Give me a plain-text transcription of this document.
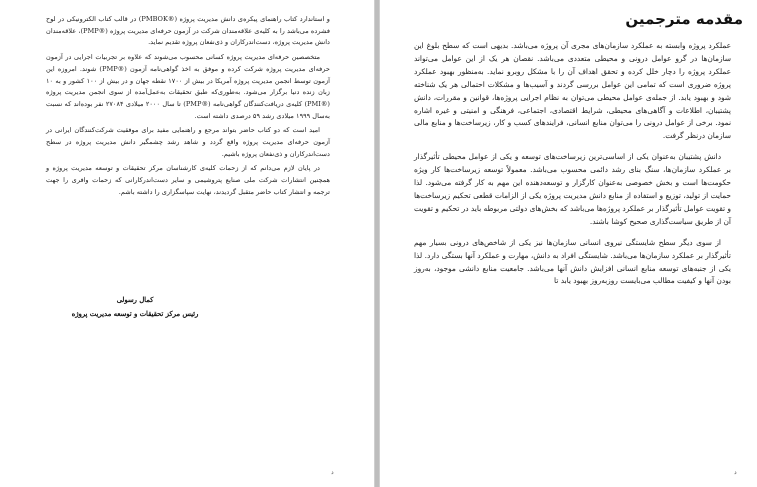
و استاندارد کتاب راهنمای پیکره‌ی دانش مدیریت پروژه (®PMBOK) در قالب کتاب الکترونیکی در لوح فشرده می‌باشد را به کلیه‌ی علاقه‌مندان شرکت در آزمون حرفه‌ای مدیریت پروژه (®PMP)، علاقه‌مندان دانش مدیریت پروژه، دست‌اندرکاران و ذی‌نفعان پروژه تقدیم نماید.

متخصصین حرفه‌ای مدیریت پروژه کسانی محسوب می‌شوند که علاوه بر تجربیات اجرایی در آزمون حرفه‌ای مدیریت پروژه شرکت کرده و موفق به اخذ گواهی‌نامه آزمون (®PMP) شوند. امروزه این آزمون توسط انجمن مدیریت پروژه آمریکا در بیش از ۱۷۰۰ نقطه جهان و در بیش از ۱۰۰ کشور و به ۱۰ زبان زنده دنیا برگزار می‌شود. به‌طوری‌که طبق تحقیقات به‌عمل‌آمده از سوی انجمن مدیریت پروژه (®PMI) کلیه‌ی دریافت‌کنندگان گواهی‌نامه (®PMP) تا سال ۲۰۰۰ میلادی ۲۷۰۸۴ نفر بوده‌اند که نسبت به‌سال ۱۹۹۹ میلادی رشد ۵۹ درصدی داشته است.

امید است که دو کتاب حاضر بتواند مرجع و راهنمایی مفید برای موفقیت شرکت‌کنندگان ایرانی در آزمون حرفه‌ای مدیریت پروژه واقع گردد و شاهد رشد چشمگیر دانش مدیریت پروژه در سطح دست‌اندرکاران و ذی‌نفعان پروژه باشیم.

در پایان لازم می‌دانم که از زحمات کلیه‌ی کارشناسان مرکز تحقیقات و توسعه مدیریت پروژه و همچنین انتشارات شرکت ملی صنایع پتروشیمی و سایر دست‌اندرکارانی که زحمات وافری را جهت ترجمه و انتشار کتاب حاضر متقبل گردیدند، نهایت سپاسگزاری را داشته باشم.

کمال رسولی
رئیس مرکز تحقیقات و توسعه مدیریت پروژه
د
مقدمه مترجمین

عملکرد پروژه وابسته به عملکرد سازمان‌های مجری آن پروژه می‌باشد. بدیهی است که سطح بلوغ این سازمان‌ها در گرو عوامل درونی و محیطی متعددی می‌باشد. نقصان هر یک از این عوامل می‌تواند عملکرد پروژه را دچار خلل کرده و تحقق اهداف آن را با مشکل روبرو نماید. به‌منظور بهبود عملکرد پروژه ضروری است که تمامی این عوامل بررسی گردند و آسیب‌ها و مشکلات احتمالی هر یک شناخته شود و بهبود یابد. از جمله‌ی عوامل محیطی می‌توان به نظام اجرایی پروژه‌ها، قوانین و مقررات، دانش پشتیبان، اطلاعات و آگاهی‌های محیطی، شرایط اقتصادی، اجتماعی، فرهنگی و امنیتی و غیره اشاره نمود. برخی از عوامل درونی را می‌توان منابع انسانی، فرایندهای کسب و کار، زیرساخت‌ها و منابع مالی سازمان درنظر گرفت.

دانش پشتیبان به‌عنوان یکی از اساسی‌ترین زیرساخت‌های توسعه و یکی از عوامل محیطی تأثیرگذار بر عملکرد سازمان‌ها، سنگ بنای رشد دائمی محسوب می‌باشد. معمولاً توسعه زیرساخت‌ها کار ویژه حکومت‌ها است و بخش خصوصی به‌عنوان کارگزار و توسعه‌دهنده این مهم به کار گرفته می‌شود. لذا حمایت از تولید، توزیع و استفاده از منابع دانش مدیریت پروژه یکی از الزامات قطعی تحکیم زیرساخت‌ها و تقویت عوامل تأثیرگذار بر عملکرد پروژه‌ها می‌باشد که بخش‌های دولتی مربوطه باید در تحکیم و تقویت آن از طریق سیاست‌گذاری صحیح کوشا باشند.

از سوی دیگر سطح شایستگی نیروی انسانی سازمان‌ها نیز یکی از شاخص‌های درونی بسیار مهم تأثیرگذار بر عملکرد سازمان‌ها می‌باشد. شایستگی افراد به دانش، مهارت و عملکرد آنها بستگی دارد. لذا یکی از جنبه‌های توسعه منابع انسانی افزایش دانش آنها می‌باشد. جامعیت منابع دانشی موجود، به‌روز بودن آنها و کیفیت مطالب می‌بایست روزبه‌روز بهبود یابد تا

د
